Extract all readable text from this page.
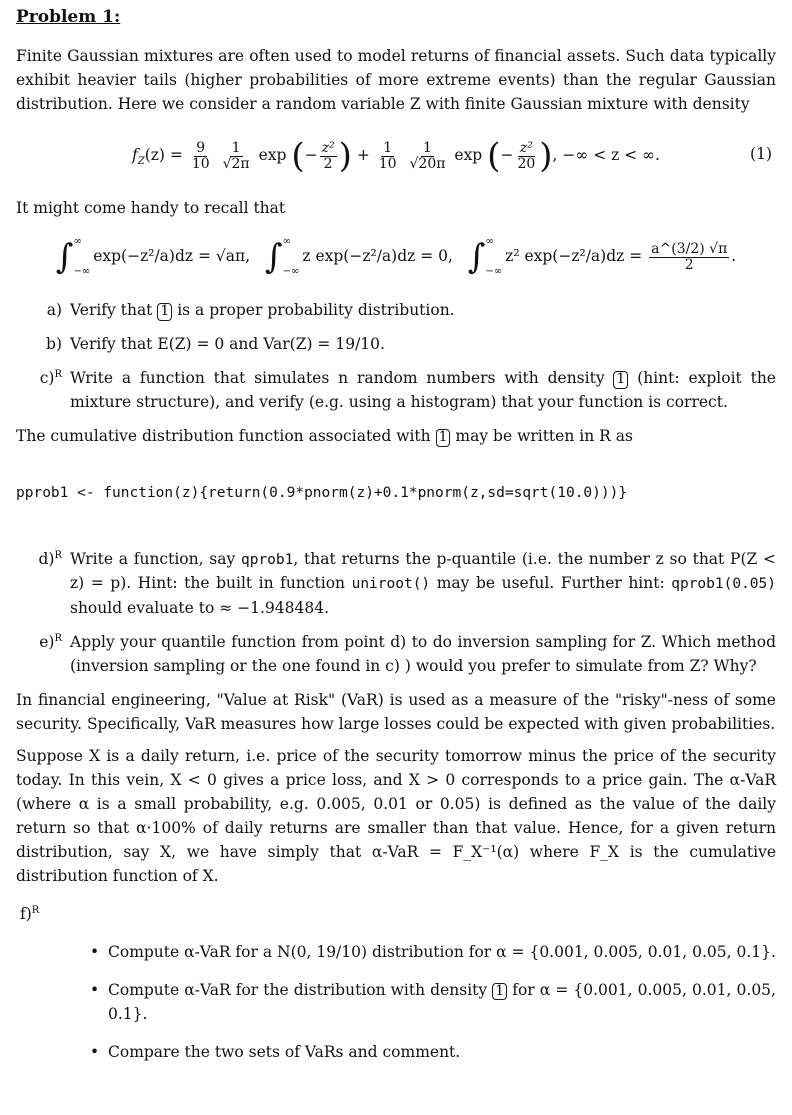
Problem 1:

Finite Gaussian mixtures are often used to model returns of financial assets. Such data typically exhibit heavier tails (higher probabilities of more extreme events) than the regular Gaussian distribution. Here we consider a random variable Z with finite Gaussian mixture with density

$f_Z(z) = \frac{9}{10}$
$\frac{1}{√2\pi}$ exp (− $\frac{\text{z²}}{2}$ ) + $\frac{1}{10}$
$\frac{1}{√20\pi}$ exp (− $\frac{\text{z²}}{20}$ ), −∞ < z < ∞.	(1)

It might come handy to recall that

∫ ∞
−∞
exp(−z²/a)dz = √aπ, ∫ ∞
−∞
z exp(−z²/a)dz = 0, ∫ ∞
−∞
z² $\exp(-z^2/a)dz = \frac{a\^{}(3/2) √\pi}{2}$ .
a) Verify that 1 is a proper probability distribution.
b) Verify that E(Z) = 0 and Var(Z) = 19/10.
c)$^R$ Write a function that simulates n random numbers with density 1 (hint: exploit the mixture structure), and verify (e.g. using a histogram) that your function is correct.

The cumulative distribution function associated with 1 may be written in R as

pprob1 <- function(z){return(0.9*pnorm(z)+0.1*pnorm(z,sd=sqrt(10.0)))}
d)$^R$ Write a function, say qprob1, that returns the p-quantile (i.e. the number z so that P(Z < z) = p). Hint: the built in function uniroot() may be useful. Further hint: qprob1(0.05) should evaluate to ≈ −1.948484.
e)$^R$ Apply your quantile function from point d) to do inversion sampling for Z. Which method (inversion sampling or the one found in c) ) would you prefer to simulate from Z? Why?

In financial engineering, "Value at Risk" (VaR) is used as a measure of the "risky"-ness of some security. Specifically, VaR measures how large losses could be expected with given probabilities.

Suppose X is a daily return, i.e. price of the security tomorrow minus the price of the security today. In this vein, X < 0 gives a price loss, and X > 0 corresponds to a price gain. The α-VaR (where α is a small probability, e.g. 0.005, 0.01 or 0.05) is defined as the value of the daily return so that α·100% of daily returns are smaller than that value. Hence, for a given return distribution, say X, we have simply that α-VaR = F_X⁻¹(α) where F_X is the cumulative distribution function of X.

f)$^R$
• Compute α-VaR for a N(0, 19/10) distribution for α = {0.001, 0.005, 0.01, 0.05, 0.1}.
• Compute α-VaR for the distribution with density 1 for α = {0.001, 0.005, 0.01, 0.05, 0.1}.
• Compare the two sets of VaRs and comment.
